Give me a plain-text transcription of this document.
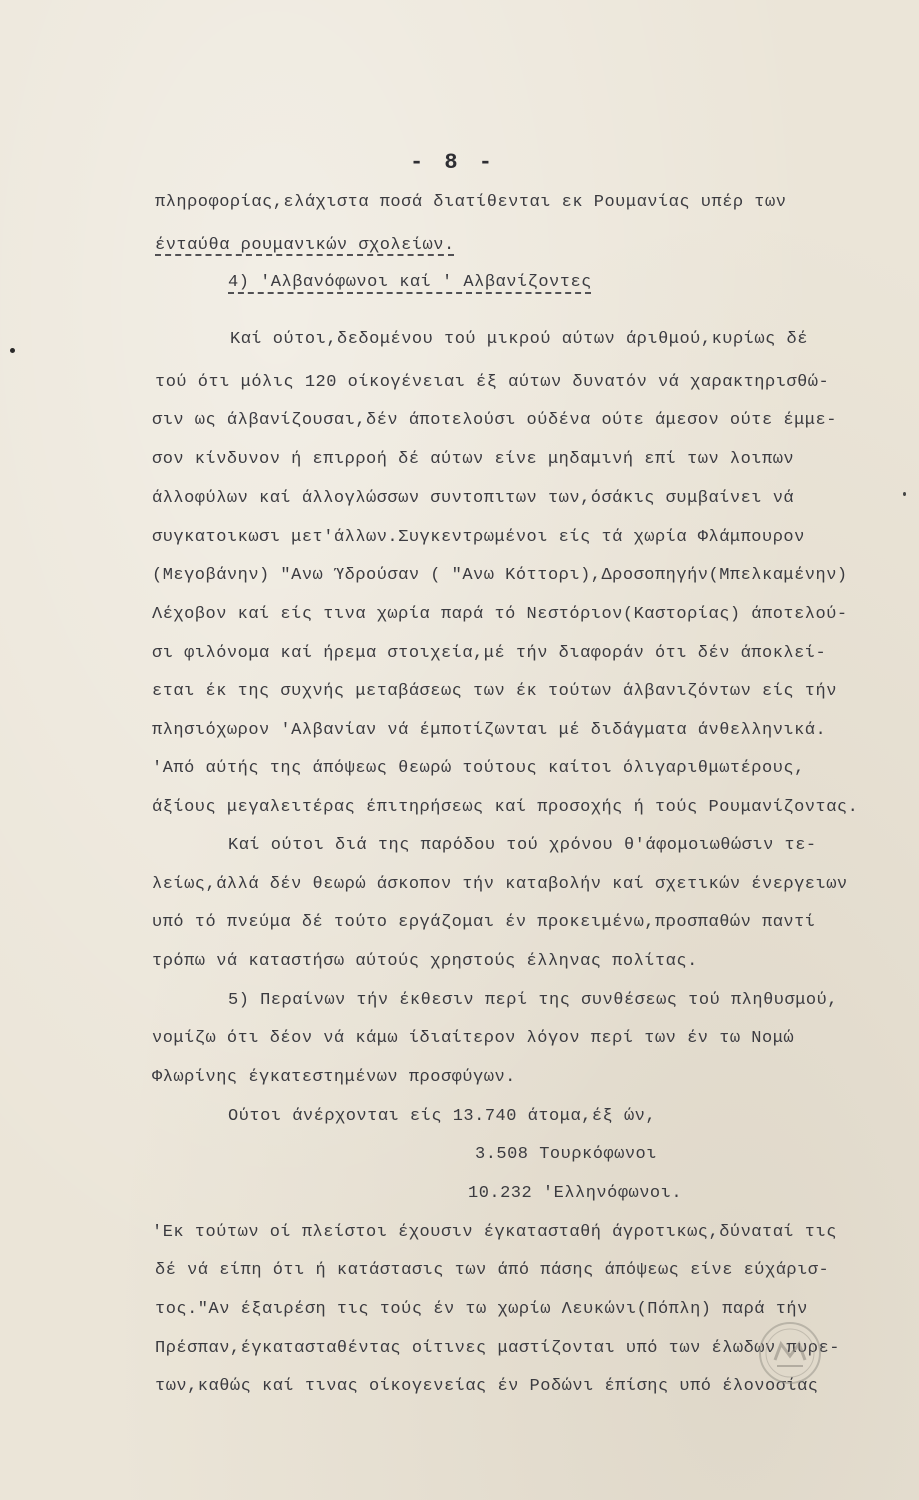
- 8 -
πληροφορίας,ελάχιστα ποσά διατίθενται εκ Ρουμανίας υπέρ των
ένταύθα ρουμανικών σχολείων.
4) 'Αλβανόφωνοι καί ' Αλβανίζοντες
Καί ούτοι,δεδομένου τού μικρού αύτων άριθμού,κυρίως δέ
τού ότι μόλις 120 οίκογένειαι έξ αύτων δυνατόν νά χαρακτηρισθώ-
σιν ως άλβανίζουσαι,δέν άποτελούσι ούδένα ούτε άμεσον ούτε έμμε-
σον κίνδυνον ή επιρροή δέ αύτων είνε μηδαμινή επί των λοιπων
άλλοφύλων καί άλλογλώσσων συντοπιτων των,όσάκις συμβαίνει νά
συγκατοικωσι μετ'άλλων.Συγκεντρωμένοι είς τά χωρία Φλάμπουρον
(Μεγοβάνην) "Ανω Ύδρούσαν ( "Ανω Κόττορι),Δροσοπηγήν(Μπελκαμένην)
Λέχοβον καί είς τινα χωρία παρά τό Νεστόριον(Καστορίας) άποτελού-
σι φιλόνομα καί ήρεμα στοιχεία,μέ τήν διαφοράν ότι δέν άποκλεί-
εται έκ της συχνής μεταβάσεως των έκ τούτων άλβανιζόντων είς τήν
πλησιόχωρον 'Αλβανίαν νά έμποτίζωνται μέ διδάγματα άνθελληνικά.
'Από αύτής της άπόψεως θεωρώ τούτους καίτοι όλιγαριθμωτέρους,
άξίους μεγαλειτέρας έπιτηρήσεως καί προσοχής ή τούς Ρουμανίζοντας.
Καί ούτοι διά της παρόδου τού χρόνου θ'άφομοιωθώσιν τε-
λείως,άλλά δέν θεωρώ άσκοπον τήν καταβολήν καί σχετικών ένεργειων
υπό τό πνεύμα δέ τούτο εργάζομαι έν προκειμένω,προσπαθών παντί
τρόπω νά καταστήσω αύτούς χρηστούς έλληνας πολίτας.
5) Περαίνων τήν έκθεσιν περί της συνθέσεως τού πληθυσμού,
νομίζω ότι δέον νά κάμω ίδιαίτερον λόγον περί των έν τω Νομώ
Φλωρίνης έγκατεστημένων προσφύγων.
Ούτοι άνέρχονται είς 13.740 άτομα,έξ ών,
3.508 Τουρκόφωνοι
10.232 'Ελληνόφωνοι.
'Εκ τούτων οί πλείστοι έχουσιν έγκατασταθή άγροτικως,δύναταί τις
δέ νά είπη ότι ή κατάστασις των άπό πάσης άπόψεως είνε εύχάρισ-
τος."Αν έξαιρέση τις τούς έν τω χωρίω Λευκώνι(Πόπλη) παρά τήν
Πρέσπαν,έγκατασταθέντας οίτινες μαστίζονται υπό των έλωδων πυρε-
των,καθώς καί τινας οίκογενείας έν Ροδώνι έπίσης υπό έλονοσίας
